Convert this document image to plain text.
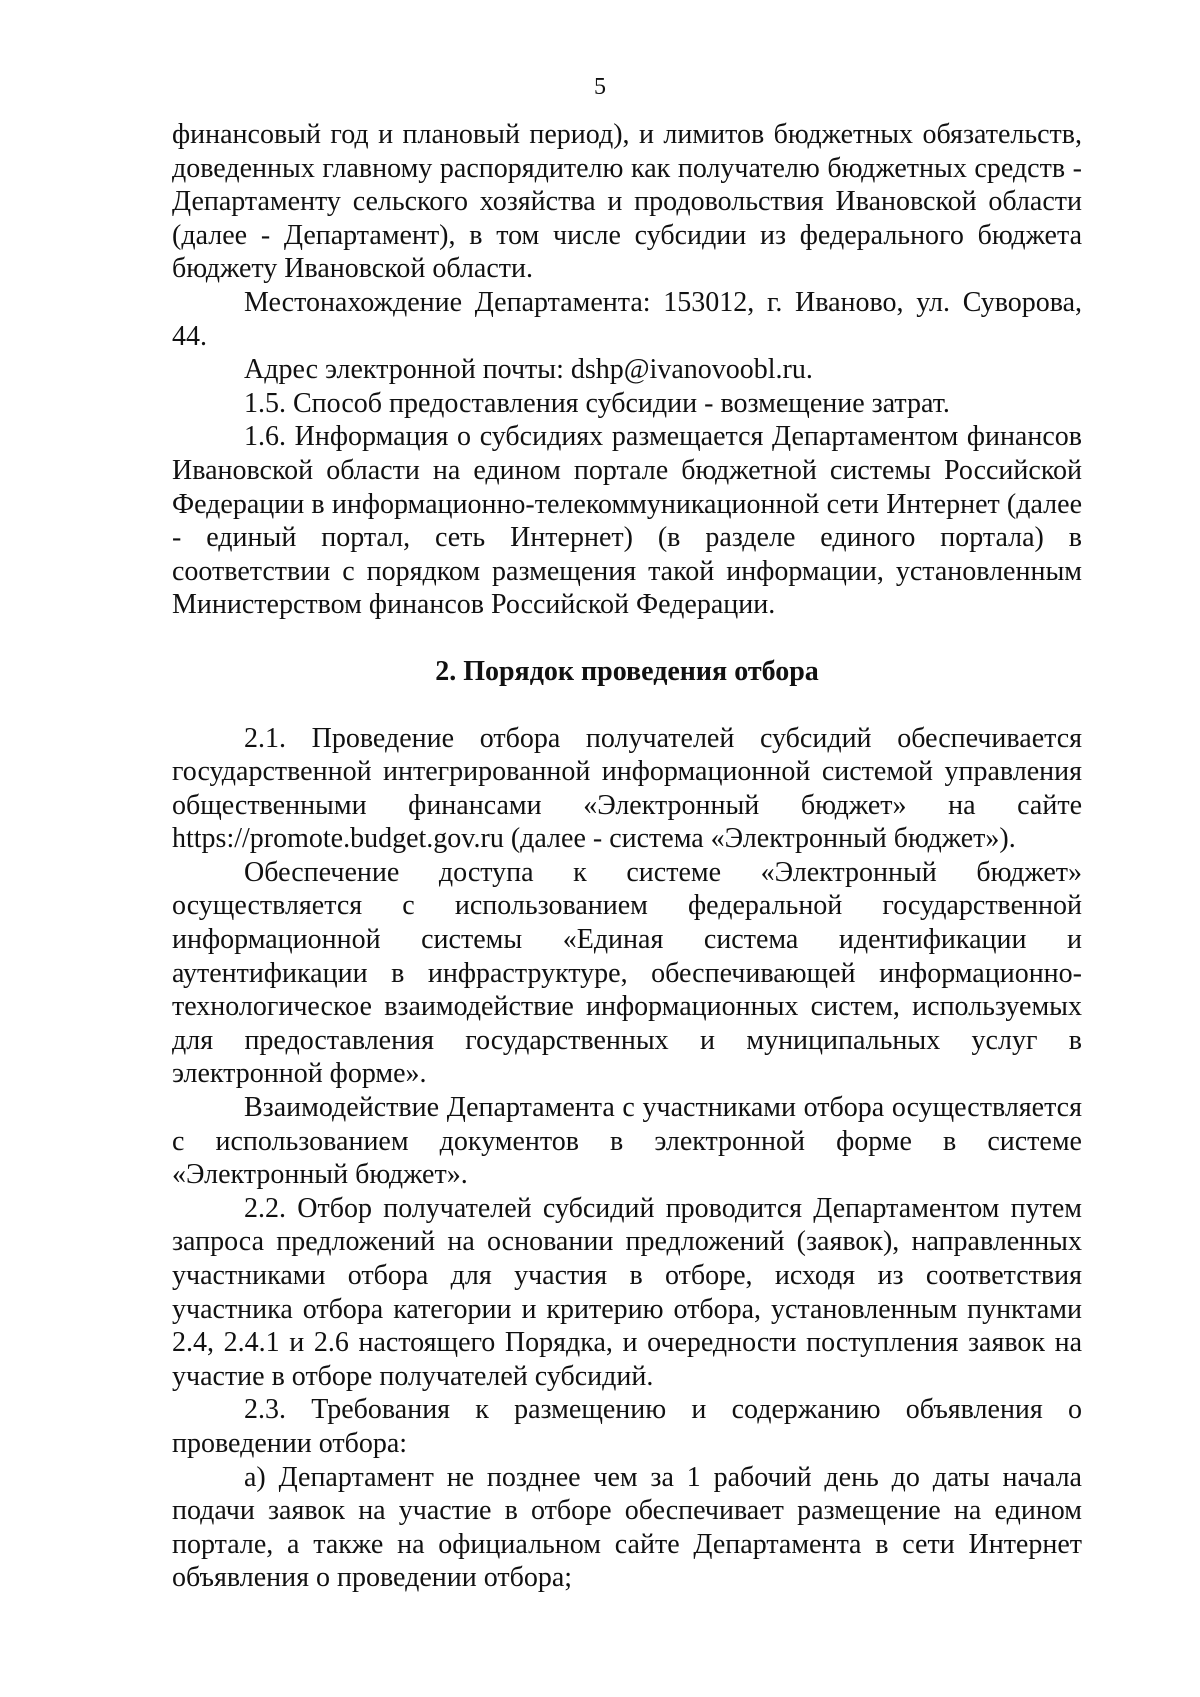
5

финансовый год и плановый период), и лимитов бюджетных обязательств, доведенных главному распорядителю как получателю бюджетных средств - Департаменту сельского хозяйства и продовольствия Ивановской области (далее - Департамент), в том числе субсидии из федерального бюджета бюджету Ивановской области.

Местонахождение Департамента: 153012, г. Иваново, ул. Суворова, 44.

Адрес электронной почты: dshp@ivanovoobl.ru.

1.5. Способ предоставления субсидии - возмещение затрат.

1.6. Информация о субсидиях размещается Департаментом финансов Ивановской области на едином портале бюджетной системы Российской Федерации в информационно-телекоммуникационной сети Интернет (далее - единый портал, сеть Интернет) (в разделе единого портала) в соответствии с порядком размещения такой информации, установленным Министерством финансов Российской Федерации.

2. Порядок проведения отбора

2.1. Проведение отбора получателей субсидий обеспечивается государственной интегрированной информационной системой управления общественными финансами «Электронный бюджет» на сайте https://promote.budget.gov.ru (далее - система «Электронный бюджет»).

Обеспечение доступа к системе «Электронный бюджет» осуществляется с использованием федеральной государственной информационной системы «Единая система идентификации и аутентификации в инфраструктуре, обеспечивающей информационно-технологическое взаимодействие информационных систем, используемых для предоставления государственных и муниципальных услуг в электронной форме».

Взаимодействие Департамента с участниками отбора осуществляется с использованием документов в электронной форме в системе «Электронный бюджет».

2.2. Отбор получателей субсидий проводится Департаментом путем запроса предложений на основании предложений (заявок), направленных участниками отбора для участия в отборе, исходя из соответствия участника отбора категории и критерию отбора, установленным пунктами 2.4, 2.4.1 и 2.6 настоящего Порядка, и очередности поступления заявок на участие в отборе получателей субсидий.

2.3. Требования к размещению и содержанию объявления о проведении отбора:

а) Департамент не позднее чем за 1 рабочий день до даты начала подачи заявок на участие в отборе обеспечивает размещение на едином портале, а также на официальном сайте Департамента в сети Интернет объявления о проведении отбора;
